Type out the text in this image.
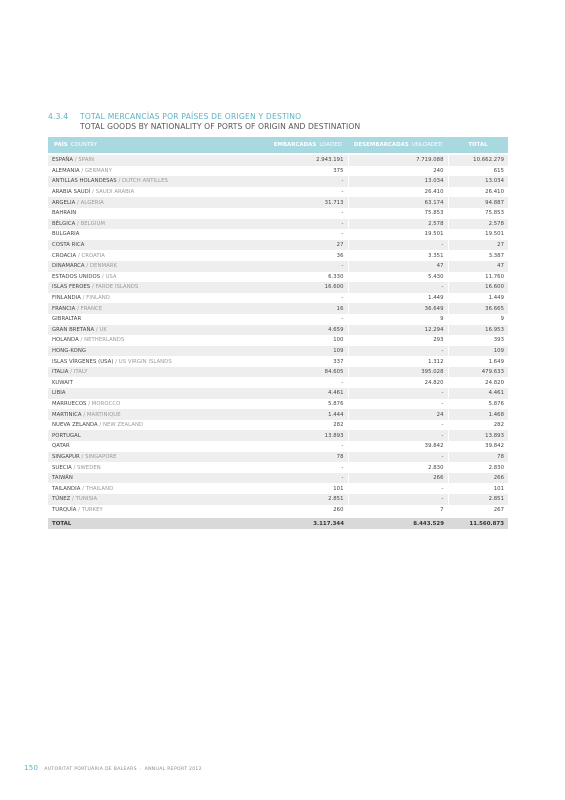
4.3.4	TOTAL MERCANCÍAS POR PAÍSES DE ORIGEN Y DESTINO
TOTAL GOODS BY NATIONALITY OF PORTS OF ORIGIN AND DESTINATION
PAÍS COUNTRY	EMBARCADAS LOADED	DESEMBARCADAS UNLOADED	TOTAL

ESPAÑA / SPAIN	2.943.191	7.719.088	10.662.279
ALEMANIA / GERMANY	375	240	615
ANTILLAS HOLANDESAS / DUTCH ANTILLES	-	13.034	13.034
ARABIA SAUDÍ / SAUDI ARABIA	-	26.410	26.410
ARGELIA / ALGERIA	31.713	63.174	94.887
BAHRAIN	-	75.853	75.853
BÉLGICA / BELGIUM	-	2.578	2.578
BULGARIA	-	19.501	19.501
COSTA RICA	27	-	27
CROACIA / CROATIA	36	3.351	3.387
DINAMARCA / DENMARK	-	47	47
ESTADOS UNIDOS / USA	6.330	5.430	11.760
ISLAS FEROES / FAROE ISLANDS	16.600	-	16.600
FINLANDIA / FINLAND	-	1.449	1.449
FRANCIA / FRANCE	16	36.649	36.665
GIBRALTAR	-	9	9
GRAN BRETAÑA / UK	4.659	12.294	16.953
HOLANDA / NETHERLANDS	100	293	393
HONG-KONG	109	-	109
ISLAS VÍRGENES (USA) / US VIRGIN ISLANDS	337	1.312	1.649
ITALIA / ITALY	84.605	395.028	479.633
KUWAIT	-	24.820	24.820
LIBIA	4.461	-	4.461
MARRUECOS / MOROCCO	5.876	-	5.876
MARTINICA / MARTINIQUE	1.444	24	1.468
NUEVA ZELANDA / NEW ZEALAND	282	-	282
PORTUGAL	13.893	-	13.893
QATAR	-	39.842	39.842
SINGAPUR / SINGAPORE	78	-	78
SUECIA / SWEDEN	-	2.830	2.830
TAIWÁN	-	266	266
TAILANDIA / THAILAND	101	-	101
TÚNEZ / TUNISIA	2.851	-	2.851
TURQUÍA / TURKEY	260	7	267

TOTAL	3.117.344	8.443.529	11.560.873
150 AUTORITAT PORTUÀRIA DE BALEARS · ANNUAL REPORT 2012
